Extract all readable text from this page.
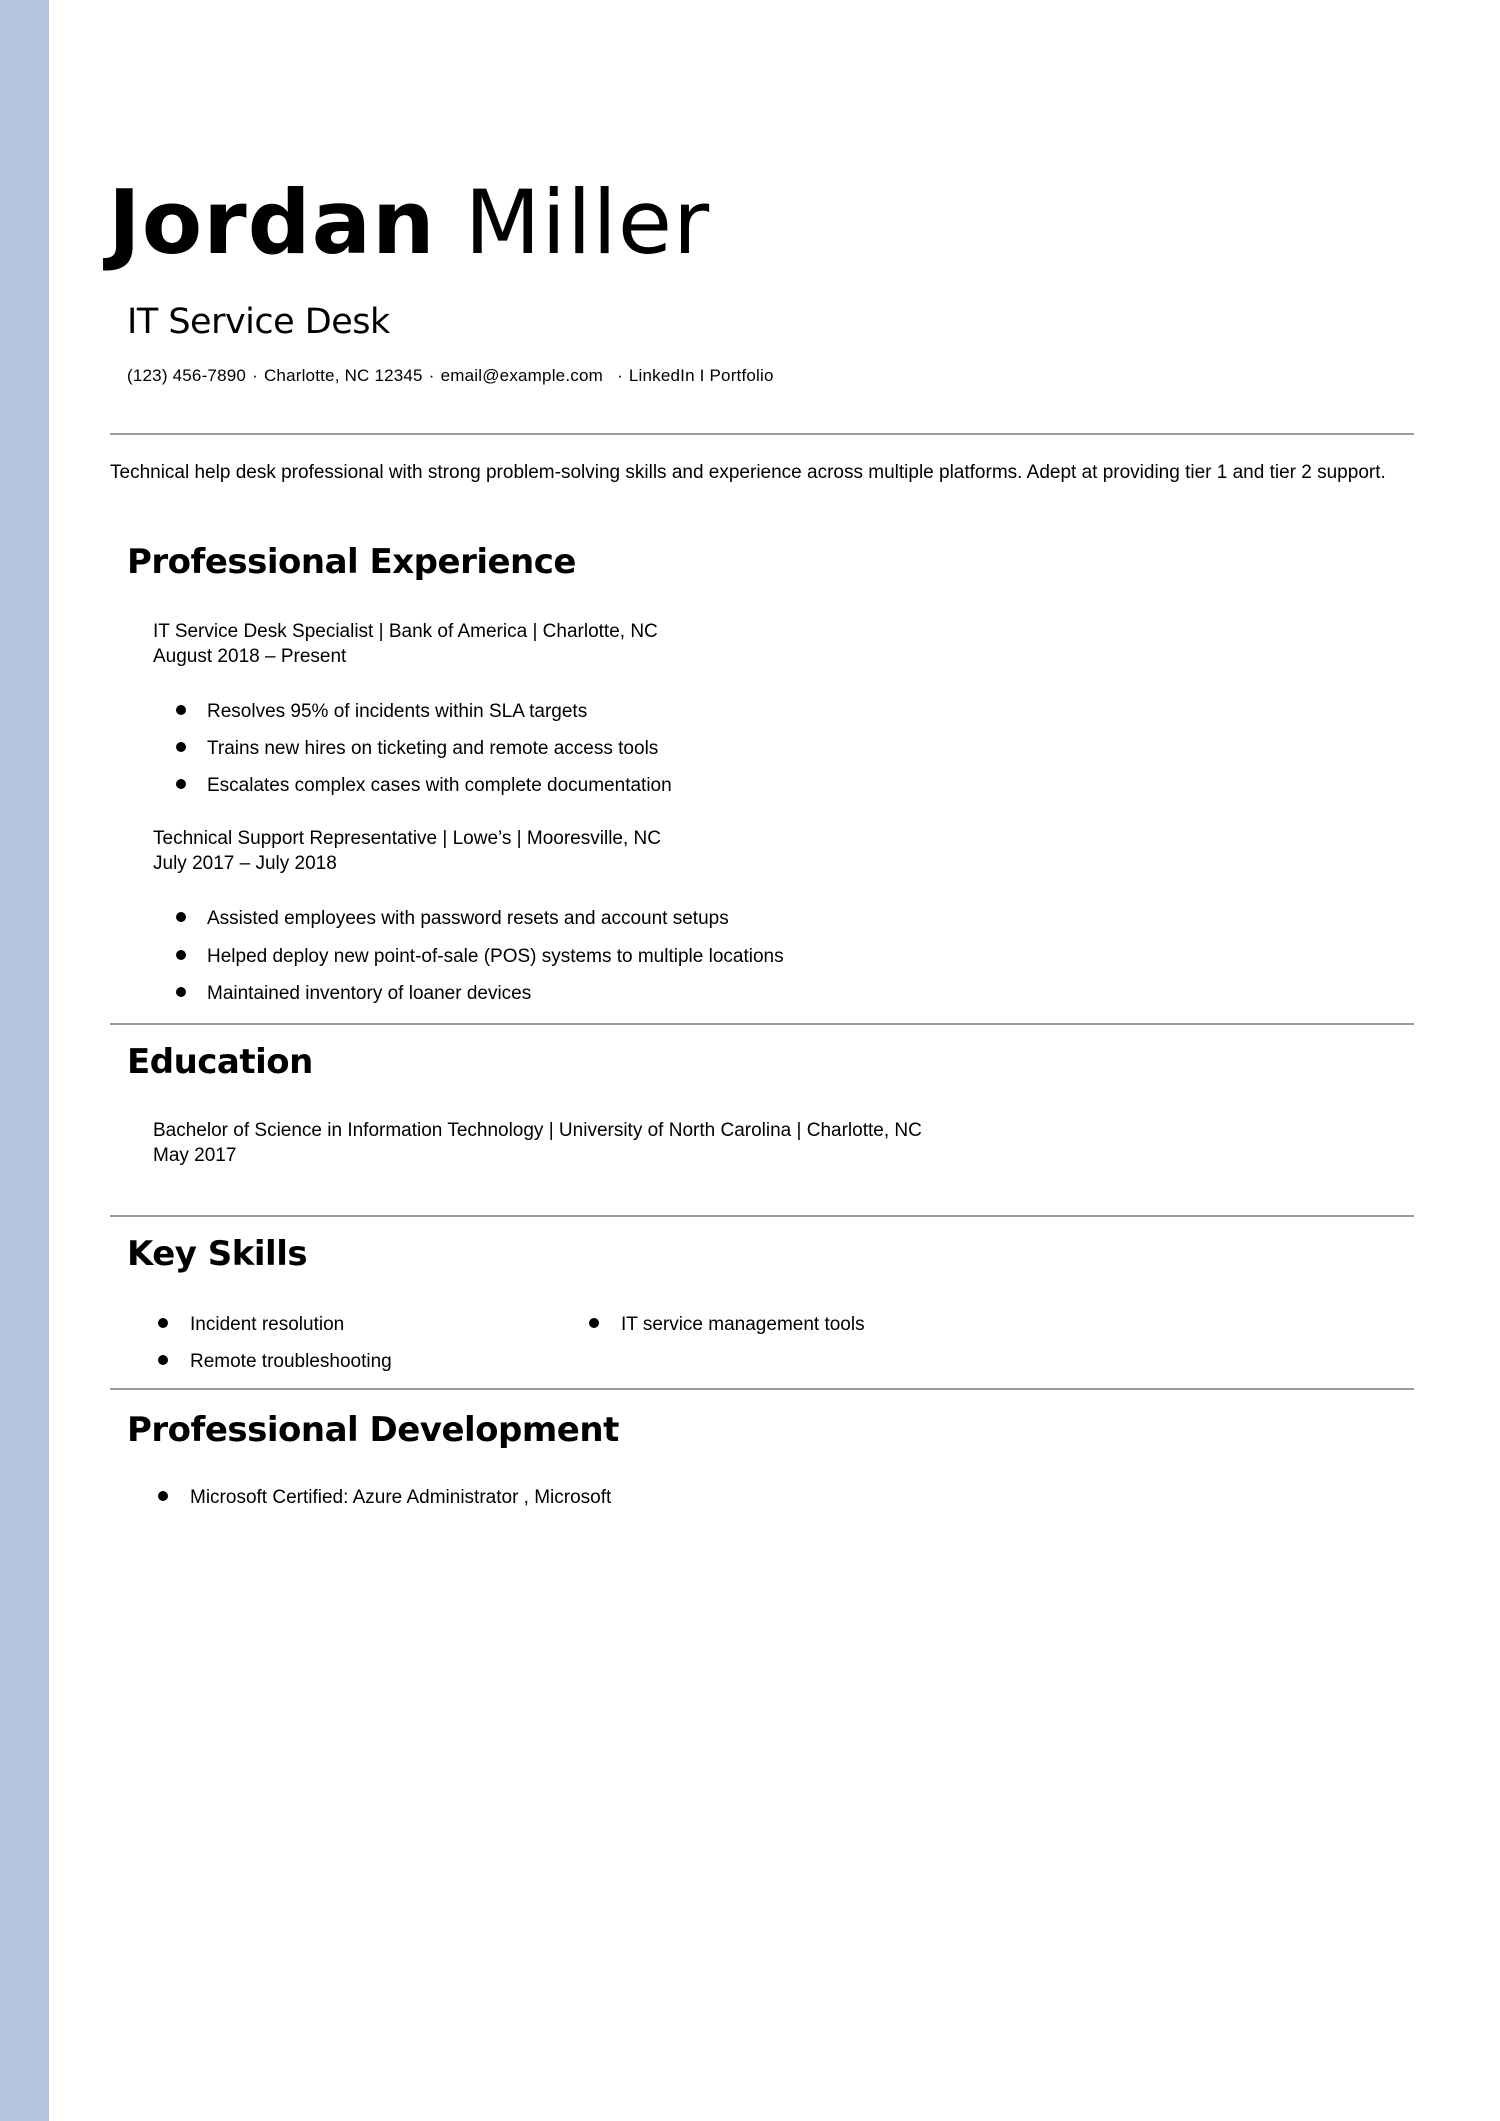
Jordan Miller
IT Service Desk
(123) 456-7890 · Charlotte, NC 12345 · email@example.com · LinkedIn I Portfolio
Technical help desk professional with strong problem-solving skills and experience across multiple platforms. Adept at providing tier 1 and tier 2 support.
Professional Experience
IT Service Desk Specialist | Bank of America | Charlotte, NC
August 2018 – Present
Resolves 95% of incidents within SLA targets
Trains new hires on ticketing and remote access tools
Escalates complex cases with complete documentation
Technical Support Representative | Lowe’s | Mooresville, NC
July 2017 – July 2018
Assisted employees with password resets and account setups
Helped deploy new point-of-sale (POS) systems to multiple locations
Maintained inventory of loaner devices
Education
Bachelor of Science in Information Technology | University of North Carolina | Charlotte, NC
May 2017
Key Skills
Incident resolution	IT service management tools
Remote troubleshooting
Professional Development
Microsoft Certified: Azure Administrator , Microsoft
